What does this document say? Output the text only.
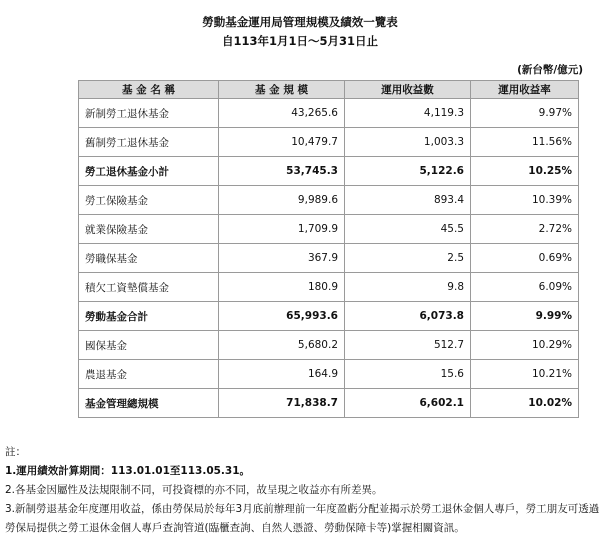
勞動基金運用局管理規模及績效一覽表
自113年1月1日～5月31日止
(新台幣/億元)
基 金 名 稱	基 金 規 模	運用收益數	運用收益率
新制勞工退休基金	43,265.6	4,119.3	9.97%
舊制勞工退休基金	10,479.7	1,003.3	11.56%
勞工退休基金小計	53,745.3	5,122.6	10.25%
勞工保險基金	9,989.6	893.4	10.39%
就業保險基金	1,709.9	45.5	2.72%
勞職保基金	367.9	2.5	0.69%
積欠工資墊償基金	180.9	9.8	6.09%
勞動基金合計	65,993.6	6,073.8	9.99%
國保基金	5,680.2	512.7	10.29%
農退基金	164.9	15.6	10.21%
基金管理總規模	71,838.7	6,602.1	10.02%
註：
1.運用績效計算期間：113.01.01至113.05.31。
2.各基金因屬性及法規限制不同，可投資標的亦不同，故呈現之收益亦有所差異。
3.新制勞退基金年度運用收益，係由勞保局於每年3月底前辦理前一年度盈虧分配並揭示於勞工退休金個人專戶，勞工朋友可透過
勞保局提供之勞工退休金個人專戶查詢管道(臨櫃查詢、自然人憑證、勞動保障卡等)掌握相關資訊。
